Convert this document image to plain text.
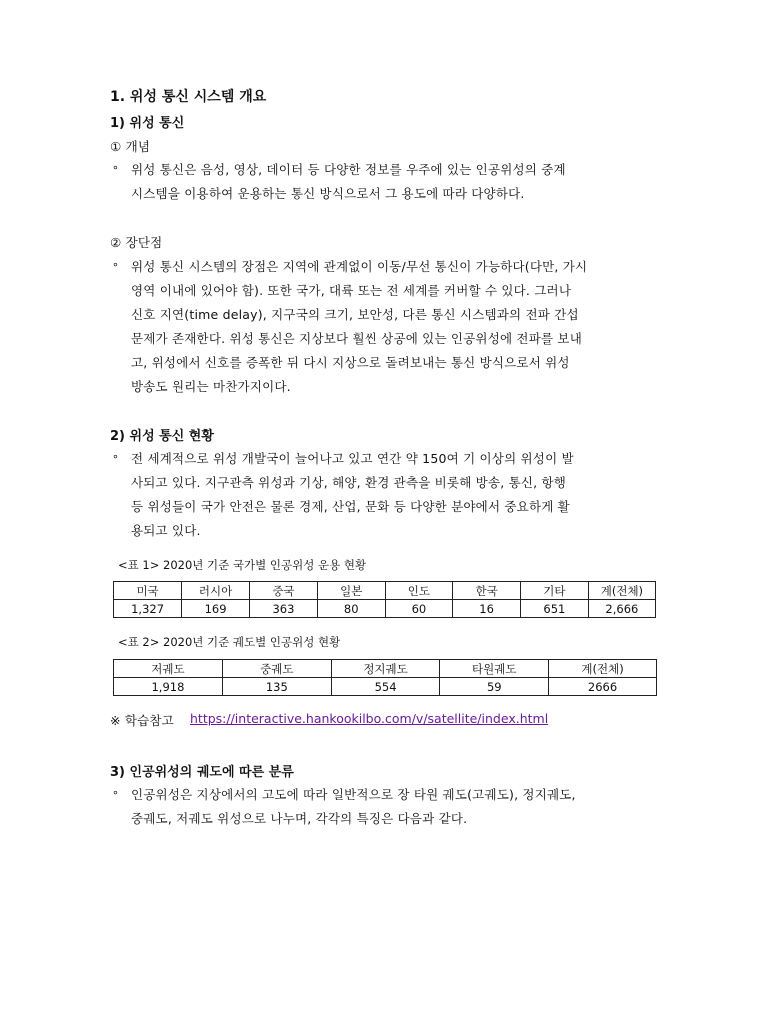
1. 위성 통신 시스템 개요
1) 위성 통신
① 개념
∘ 위성 통신은 음성, 영상, 데이터 등 다양한 정보를 우주에 있는 인공위성의 중계
시스템을 이용하여 운용하는 통신 방식으로서 그 용도에 따라 다양하다.
② 장단점
∘ 위성 통신 시스템의 장점은 지역에 관계없이 이동/무선 통신이 가능하다(다만, 가시
영역 이내에 있어야 함). 또한 국가, 대륙 또는 전 세계를 커버할 수 있다. 그러나
신호 지연(time delay), 지구국의 크기, 보안성, 다른 통신 시스템과의 전파 간섭
문제가 존재한다. 위성 통신은 지상보다 훨씬 상공에 있는 인공위성에 전파를 보내
고, 위성에서 신호를 증폭한 뒤 다시 지상으로 돌려보내는 통신 방식으로서 위성
방송도 원리는 마찬가지이다.
2) 위성 통신 현황
∘ 전 세계적으로 위성 개발국이 늘어나고 있고 연간 약 150여 기 이상의 위성이 발
사되고 있다. 지구관측 위성과 기상, 해양, 환경 관측을 비롯해 방송, 통신, 항행
등 위성들이 국가 안전은 물론 경제, 산업, 문화 등 다양한 분야에서 중요하게 활
용되고 있다.
<표 1> 2020년 기준 국가별 인공위성 운용 현황
미국	러시아	중국	일본	인도	한국	기타	계(전체)
1,327	169	363	80	60	16	651	2,666
<표 2> 2020년 기준 궤도별 인공위성 현황
저궤도	중궤도	정지궤도	타원궤도	계(전체)
1,918	135	554	59	2666
※ 학습참고 https://interactive.hankookilbo.com/v/satellite/index.html
3) 인공위성의 궤도에 따른 분류
∘ 인공위성은 지상에서의 고도에 따라 일반적으로 장 타원 궤도(고궤도), 정지궤도,
중궤도, 저궤도 위성으로 나누며, 각각의 특징은 다음과 같다.
